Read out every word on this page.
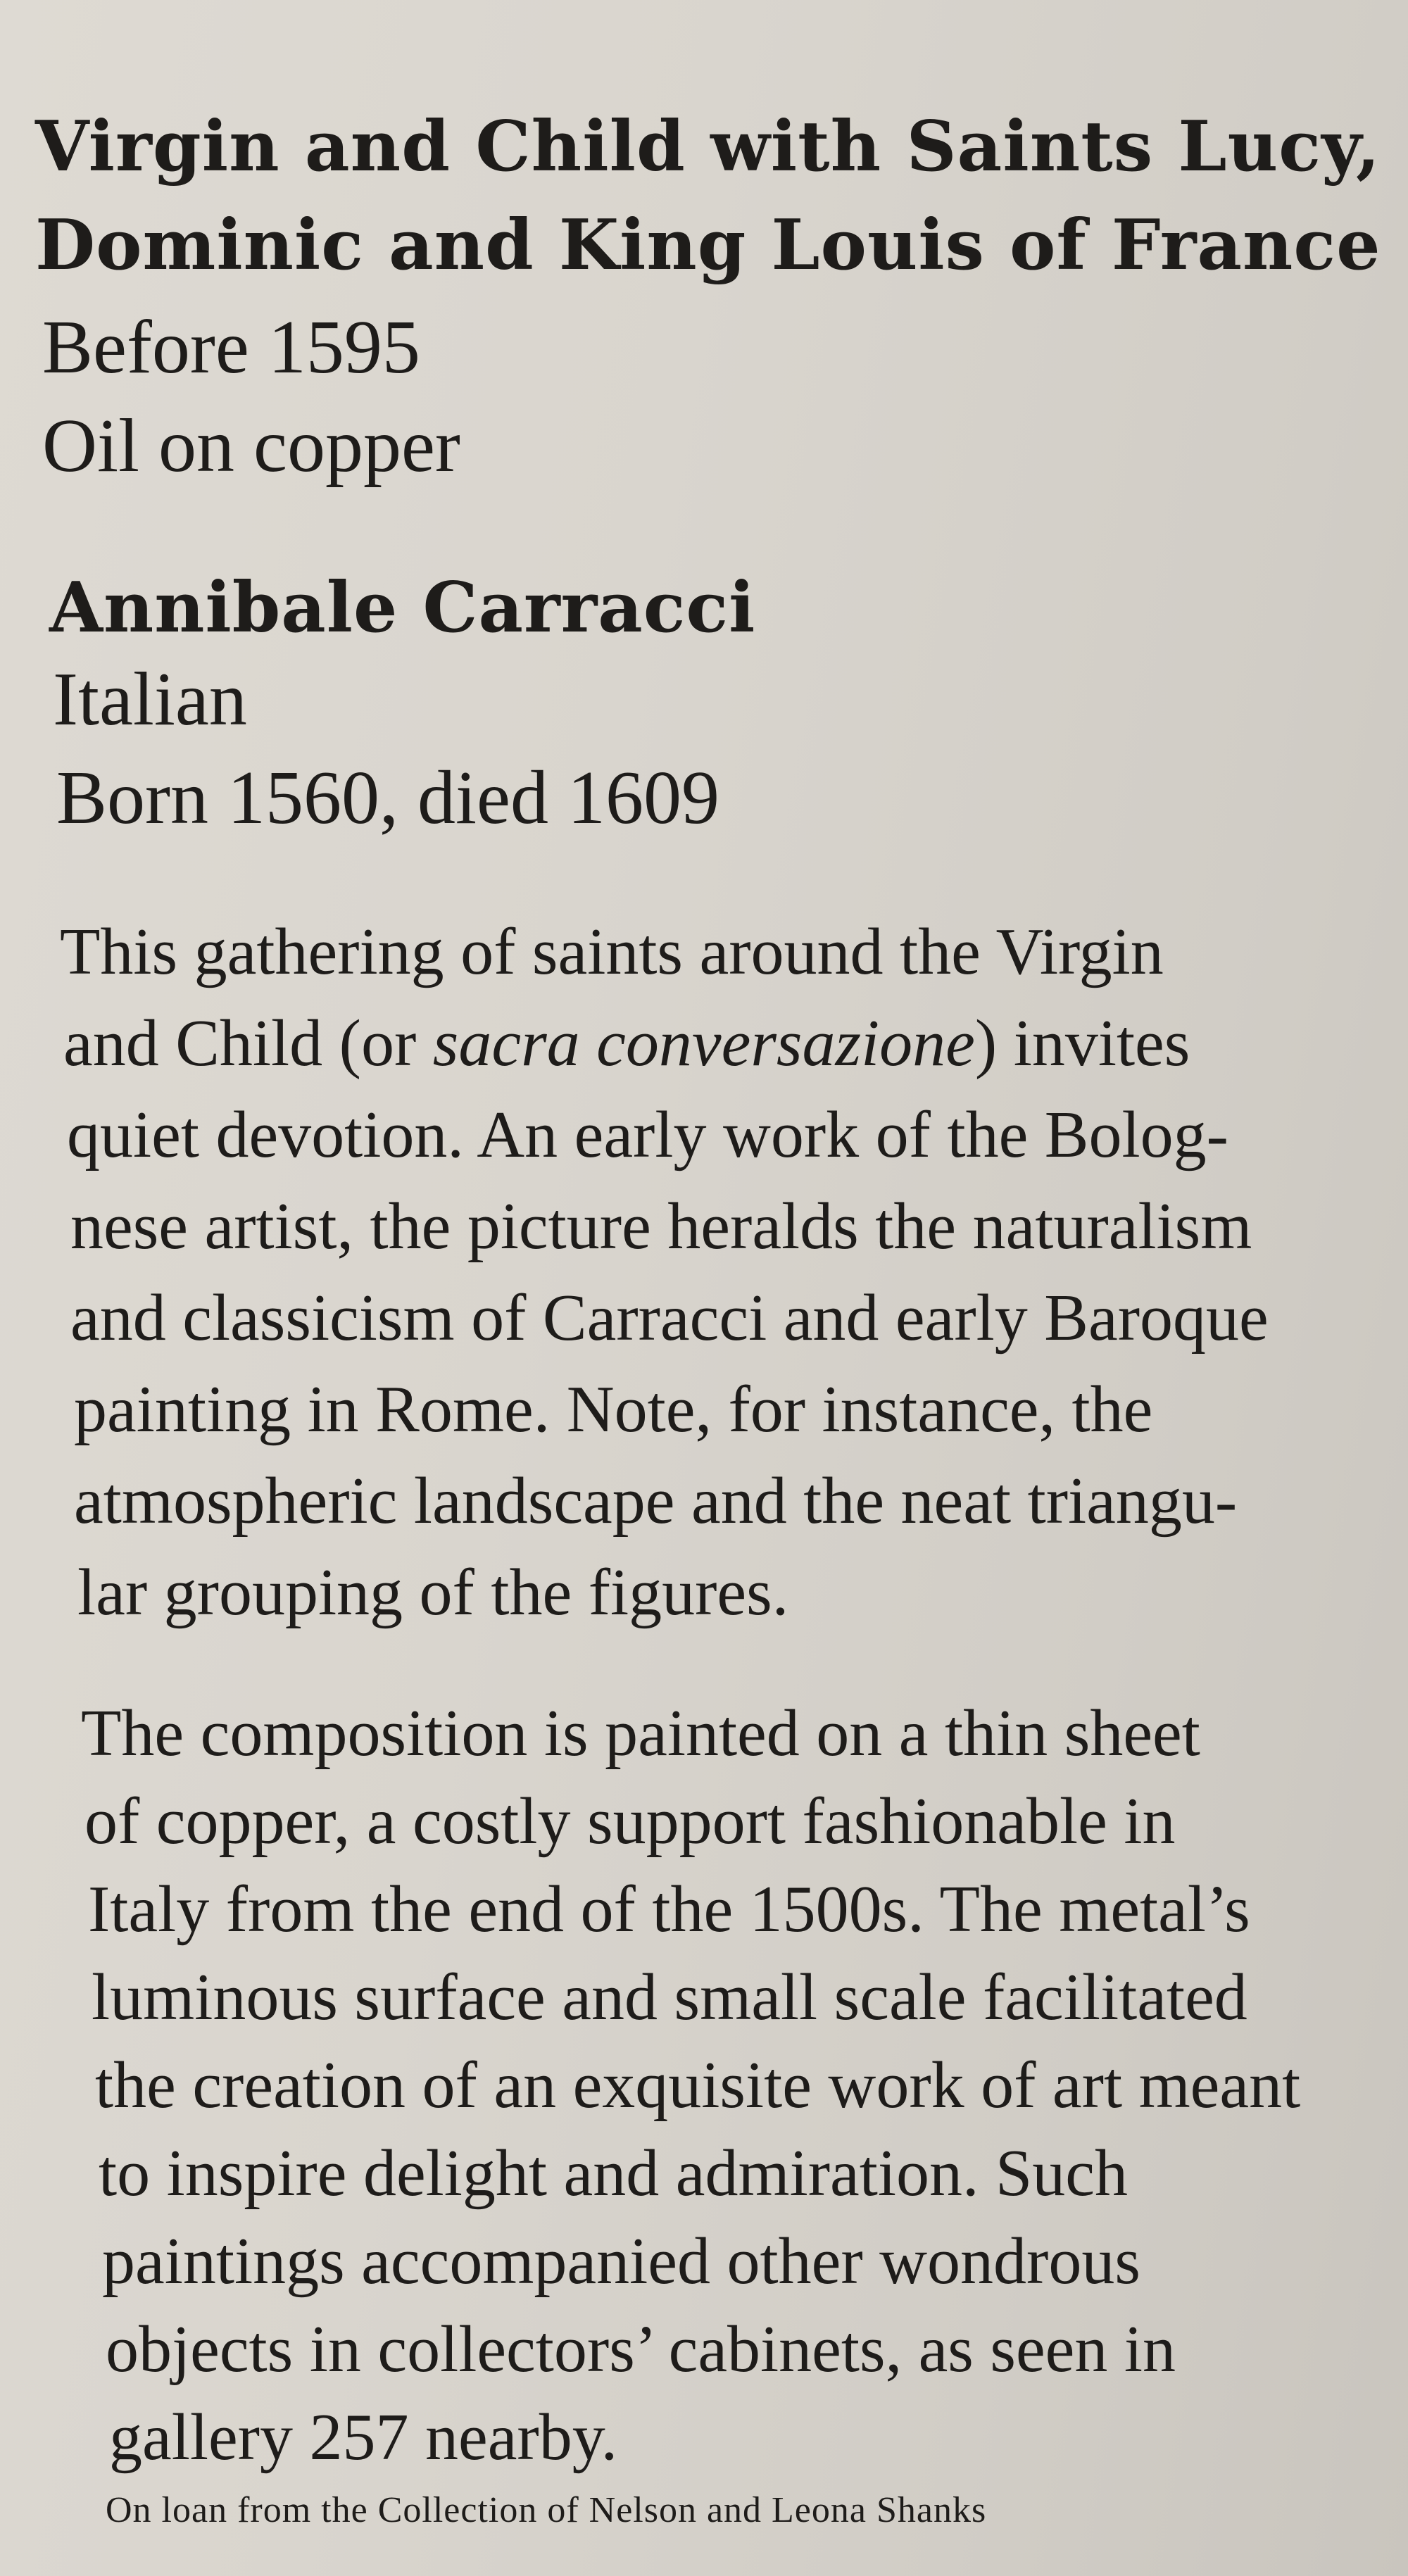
Virgin and Child with Saints Lucy,
Dominic and King Louis of France
Before 1595
Oil on copper
Annibale Carracci
Italian
Born 1560, died 1609
This gathering of saints around the Virgin
and Child (or sacra conversazione) invites
quiet devotion. An early work of the Bolog-
nese artist, the picture heralds the naturalism
and classicism of Carracci and early Baroque
painting in Rome. Note, for instance, the
atmospheric landscape and the neat triangu-
lar grouping of the figures.
The composition is painted on a thin sheet
of copper, a costly support fashionable in
Italy from the end of the 1500s. The metal’s
luminous surface and small scale facilitated
the creation of an exquisite work of art meant
to inspire delight and admiration. Such
paintings accompanied other wondrous
objects in collectors’ cabinets, as seen in
gallery 257 nearby.
On loan from the Collection of Nelson and Leona Shanks
